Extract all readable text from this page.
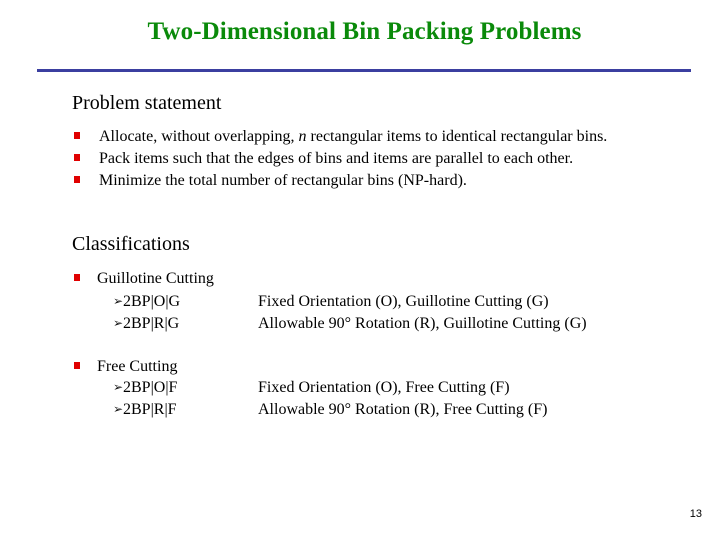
Two-Dimensional Bin Packing Problems
Problem statement
Allocate, without overlapping, n rectangular items to identical rectangular bins.
Pack items such that the edges of bins and items are parallel to each other.
Minimize the total number of rectangular bins (NP-hard).
Classifications
Guillotine Cutting
➢2BP|O|G	Fixed Orientation (O), Guillotine Cutting (G)
➢2BP|R|G	Allowable 90° Rotation (R), Guillotine Cutting (G)
Free Cutting
➢2BP|O|F	Fixed Orientation (O), Free Cutting (F)
➢2BP|R|F	Allowable 90° Rotation (R), Free Cutting (F)
13
